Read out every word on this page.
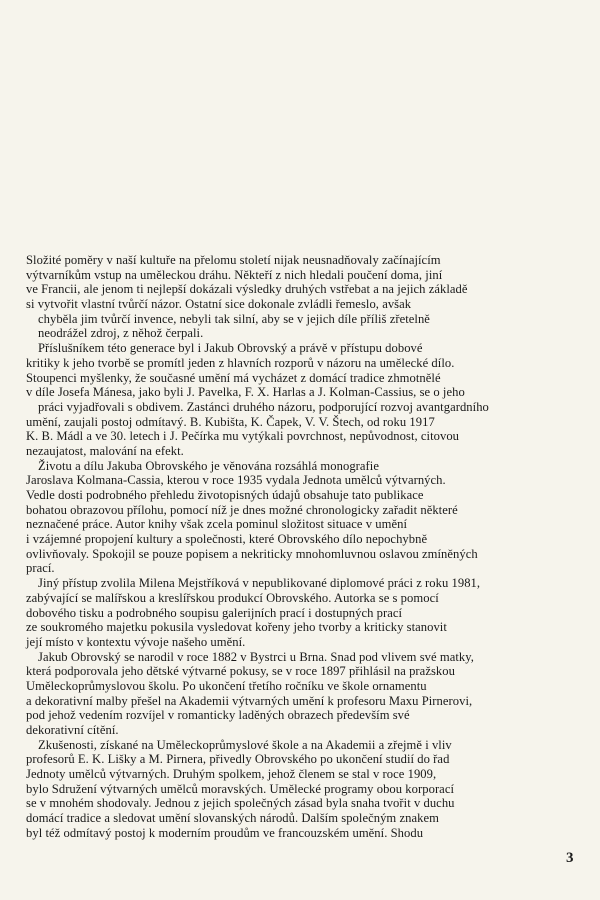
Složité poměry v naší kultuře na přelomu století nijak neusnadňovaly začínajícím
výtvarníkům vstup na uměleckou dráhu. Někteří z nich hledali poučení doma, jiní
ve Francii, ale jenom ti nejlepší dokázali výsledky druhých vstřebat a na jejich základě
si vytvořit vlastní tvůrčí názor. Ostatní sice dokonale zvládli řemeslo, avšak
chyběla jim tvůrčí invence, nebyli tak silní, aby se v jejich díle příliš zřetelně
neodrážel zdroj, z něhož čerpali.
Příslušníkem této generace byl i Jakub Obrovský a právě v přístupu dobové
kritiky k jeho tvorbě se promítl jeden z hlavních rozporů v názoru na umělecké dílo.
Stoupenci myšlenky, že současné umění má vycházet z domácí tradice zhmotnělé
v díle Josefa Mánesa, jako byli J. Pavelka, F. X. Harlas a J. Kolman-Cassius, se o jeho
práci vyjadřovali s obdivem. Zastánci druhého názoru, podporující rozvoj avantgardního
umění, zaujali postoj odmítavý. B. Kubišta, K. Čapek, V. V. Štech, od roku 1917
K. B. Mádl a ve 30. letech i J. Pečírka mu vytýkali povrchnost, nepůvodnost, citovou
nezaujatost, malování na efekt.
Životu a dílu Jakuba Obrovského je věnována rozsáhlá monografie
Jaroslava Kolmana-Cassia, kterou v roce 1935 vydala Jednota umělců výtvarných.
Vedle dosti podrobného přehledu životopisných údajů obsahuje tato publikace
bohatou obrazovou přílohu, pomocí níž je dnes možné chronologicky zařadit některé
neznačené práce. Autor knihy však zcela pominul složitost situace v umění
i vzájemné propojení kultury a společnosti, které Obrovského dílo nepochybně
ovlivňovaly. Spokojil se pouze popisem a nekriticky mnohomluvnou oslavou zmíněných
prací.
Jiný přístup zvolila Milena Mejstříková v nepublikované diplomové práci z roku 1981,
zabývající se malířskou a kreslířskou produkcí Obrovského. Autorka se s pomocí
dobového tisku a podrobného soupisu galerijních prací i dostupných prací
ze soukromého majetku pokusila vysledovat kořeny jeho tvorby a kriticky stanovit
její místo v kontextu vývoje našeho umění.
Jakub Obrovský se narodil v roce 1882 v Bystrci u Brna. Snad pod vlivem své matky,
která podporovala jeho dětské výtvarné pokusy, se v roce 1897 přihlásil na pražskou
Uměleckoprůmyslovou školu. Po ukončení třetího ročníku ve škole ornamentu
a dekorativní malby přešel na Akademii výtvarných umění k profesoru Maxu Pirnerovi,
pod jehož vedením rozvíjel v romanticky laděných obrazech především své
dekorativní cítění.
Zkušenosti, získané na Uměleckoprůmyslové škole a na Akademii a zřejmě i vliv
profesorů E. K. Lišky a M. Pirnera, přivedly Obrovského po ukončení studií do řad
Jednoty umělců výtvarných. Druhým spolkem, jehož členem se stal v roce 1909,
bylo Sdružení výtvarných umělců moravských. Umělecké programy obou korporací
se v mnohém shodovaly. Jednou z jejich společných zásad byla snaha tvořit v duchu
domácí tradice a sledovat umění slovanských národů. Dalším společným znakem
byl též odmítavý postoj k moderním proudům ve francouzském umění. Shodu
3
